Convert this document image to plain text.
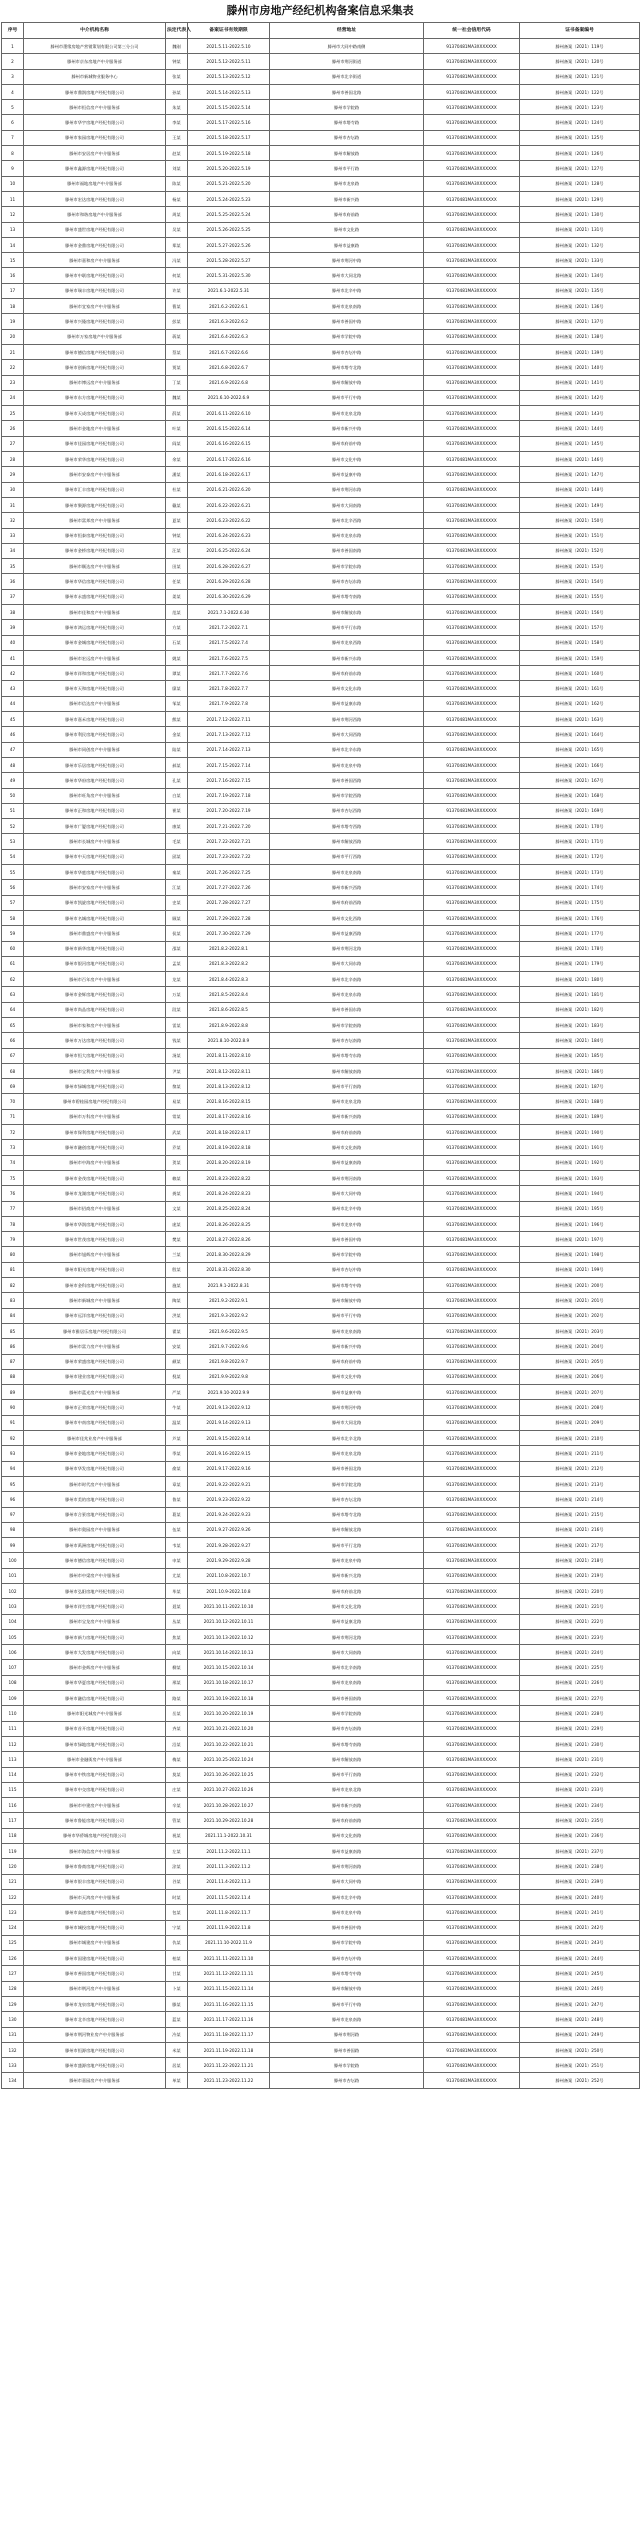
滕州市房地产经纪机构备案信息采集表
序号	中介机构名称	法定代表人	备案证书有效期限	经营地址	统一社会信用代码	证书备案编号
1	滕州市墨缘房地产营销策划有限公司第三分公司	魏刚	2021.5.11-2022.5.10	滕州市大同中路南侧	91370481MA3XXXXXXX	滕州备案（2021）119号
2	滕州市京东房地产中介服务部	钟某	2021.5.12-2022.5.11	滕州市荆河街道	91370481MA3XXXXXXX	滕州备案（2021）120号
3	滕州市新城物业服务中心	张某	2021.5.13-2022.5.12	滕州市北辛街道	91370481MA3XXXXXXX	滕州备案（2021）121号
4	滕州市鼎润房地产经纪有限公司	孙某	2021.5.14-2022.5.13	滕州市善国北路	91370481MA3XXXXXXX	滕州备案（2021）122号
5	滕州市恒信房产中介服务部	朱某	2021.5.15-2022.5.14	滕州市学院路	91370481MA3XXXXXXX	滕州备案（2021）123号
6	滕州市华宇房地产经纪有限公司	李某	2021.5.17-2022.5.16	滕州市塔寺路	91370481MA3XXXXXXX	滕州备案（2021）124号
7	滕州市家园房地产经纪有限公司	王某	2021.5.18-2022.5.17	滕州市杏坛路	91370481MA3XXXXXXX	滕州备案（2021）125号
8	滕州市安居房产中介服务部	赵某	2021.5.19-2022.5.18	滕州市解放路	91370481MA3XXXXXXX	滕州备案（2021）126号
9	滕州市鑫源房地产经纪有限公司	刘某	2021.5.20-2022.5.19	滕州市平行路	91370481MA3XXXXXXX	滕州备案（2021）127号
10	滕州市福地房地产中介服务部	陈某	2021.5.21-2022.5.20	滕州市龙泉路	91370481MA3XXXXXXX	滕州备案（2021）128号
11	滕州市宏达房地产经纪有限公司	杨某	2021.5.24-2022.5.23	滕州市新兴路	91370481MA3XXXXXXX	滕州备案（2021）129号
12	滕州市和谐房地产中介服务部	周某	2021.5.25-2022.5.24	滕州市府前路	91370481MA3XXXXXXX	滕州备案（2021）130号
13	滕州市盛世房地产经纪有限公司	吴某	2021.5.26-2022.5.25	滕州市文化路	91370481MA3XXXXXXX	滕州备案（2021）131号
14	滕州市金鼎房地产经纪有限公司	郑某	2021.5.27-2022.5.26	滕州市益康路	91370481MA3XXXXXXX	滕州备案（2021）132号
15	滕州市嘉和房产中介服务部	冯某	2021.5.28-2022.5.27	滕州市荆河中路	91370481MA3XXXXXXX	滕州备案（2021）133号
16	滕州市中联房地产经纪有限公司	何某	2021.5.31-2022.5.30	滕州市大同北路	91370481MA3XXXXXXX	滕州备案（2021）134号
17	滕州市瑞丰房地产经纪有限公司	许某	2021.6.1-2022.5.31	滕州市北辛中路	91370481MA3XXXXXXX	滕州备案（2021）135号
18	滕州市宜家房产中介服务部	曹某	2021.6.2-2022.6.1	滕州市龙泉南路	91370481MA3XXXXXXX	滕州备案（2021）136号
19	滕州市兴隆房地产经纪有限公司	彭某	2021.6.3-2022.6.2	滕州市善国中路	91370481MA3XXXXXXX	滕州备案（2021）137号
20	滕州市万家房地产中介服务部	蒋某	2021.6.4-2022.6.3	滕州市学院中路	91370481MA3XXXXXXX	滕州备案（2021）138号
21	滕州市德信房地产经纪有限公司	蔡某	2021.6.7-2022.6.6	滕州市杏坛中路	91370481MA3XXXXXXX	滕州备案（2021）139号
22	滕州市创新房地产经纪有限公司	贾某	2021.6.8-2022.6.7	滕州市塔寺北路	91370481MA3XXXXXXX	滕州备案（2021）140号
23	滕州市博远房产中介服务部	丁某	2021.6.9-2022.6.8	滕州市解放中路	91370481MA3XXXXXXX	滕州备案（2021）141号
24	滕州市东方房地产经纪有限公司	魏某	2021.6.10-2022.6.9	滕州市平行中路	91370481MA3XXXXXXX	滕州备案（2021）142号
25	滕州市天成房地产经纪有限公司	薛某	2021.6.11-2022.6.10	滕州市龙泉北路	91370481MA3XXXXXXX	滕州备案（2021）143号
26	滕州市金地房产中介服务部	叶某	2021.6.15-2022.6.14	滕州市新兴中路	91370481MA3XXXXXXX	滕州备案（2021）144号
27	滕州市佳园房地产经纪有限公司	阎某	2021.6.16-2022.6.15	滕州市府前中路	91370481MA3XXXXXXX	滕州备案（2021）145号
28	滕州市荣华房地产经纪有限公司	余某	2021.6.17-2022.6.16	滕州市文化中路	91370481MA3XXXXXXX	滕州备案（2021）146号
29	滕州市安泰房产中介服务部	潘某	2021.6.18-2022.6.17	滕州市益康中路	91370481MA3XXXXXXX	滕州备案（2021）147号
30	滕州市汇丰房地产经纪有限公司	杜某	2021.6.21-2022.6.20	滕州市荆河东路	91370481MA3XXXXXXX	滕州备案（2021）148号
31	滕州市聚源房地产经纪有限公司	戴某	2021.6.22-2022.6.21	滕州市大同南路	91370481MA3XXXXXXX	滕州备案（2021）149号
32	滕州市富邦房产中介服务部	夏某	2021.6.23-2022.6.22	滕州市北辛西路	91370481MA3XXXXXXX	滕州备案（2021）150号
33	滕州市恒泰房地产经纪有限公司	钟某	2021.6.24-2022.6.23	滕州市龙泉东路	91370481MA3XXXXXXX	滕州备案（2021）151号
34	滕州市金桥房地产经纪有限公司	汪某	2021.6.25-2022.6.24	滕州市善国南路	91370481MA3XXXXXXX	滕州备案（2021）152号
35	滕州市顺达房产中介服务部	田某	2021.6.28-2022.6.27	滕州市学院东路	91370481MA3XXXXXXX	滕州备案（2021）153号
36	滕州市华信房地产经纪有限公司	任某	2021.6.29-2022.6.28	滕州市杏坛东路	91370481MA3XXXXXXX	滕州备案（2021）154号
37	滕州市永盛房地产经纪有限公司	姜某	2021.6.30-2022.6.29	滕州市塔寺南路	91370481MA3XXXXXXX	滕州备案（2021）155号
38	滕州市佳和房产中介服务部	范某	2021.7.1-2022.6.30	滕州市解放东路	91370481MA3XXXXXXX	滕州备案（2021）156号
39	滕州市鸿运房地产经纪有限公司	方某	2021.7.2-2022.7.1	滕州市平行东路	91370481MA3XXXXXXX	滕州备案（2021）157号
40	滕州市金城房地产经纪有限公司	石某	2021.7.5-2022.7.4	滕州市龙泉西路	91370481MA3XXXXXXX	滕州备案（2021）158号
41	滕州市宏远房产中介服务部	姚某	2021.7.6-2022.7.5	滕州市新兴东路	91370481MA3XXXXXXX	滕州备案（2021）159号
42	滕州市祥和房地产经纪有限公司	谭某	2021.7.7-2022.7.6	滕州市府前东路	91370481MA3XXXXXXX	滕州备案（2021）160号
43	滕州市天和房地产经纪有限公司	廖某	2021.7.8-2022.7.7	滕州市文化东路	91370481MA3XXXXXXX	滕州备案（2021）161号
44	滕州市信达房产中介服务部	邹某	2021.7.9-2022.7.8	滕州市益康东路	91370481MA3XXXXXXX	滕州备案（2021）162号
45	滕州市嘉禾房地产经纪有限公司	熊某	2021.7.12-2022.7.11	滕州市荆河西路	91370481MA3XXXXXXX	滕州备案（2021）163号
46	滕州市利民房地产经纪有限公司	金某	2021.7.13-2022.7.12	滕州市大同西路	91370481MA3XXXXXXX	滕州备案（2021）164号
47	滕州市同创房产中介服务部	陆某	2021.7.14-2022.7.13	滕州市北辛东路	91370481MA3XXXXXXX	滕州备案（2021）165号
48	滕州市乐居房地产经纪有限公司	郝某	2021.7.15-2022.7.14	滕州市龙泉中路	91370481MA3XXXXXXX	滕州备案（2021）166号
49	滕州市华府房地产经纪有限公司	孔某	2021.7.16-2022.7.15	滕州市善国西路	91370481MA3XXXXXXX	滕州备案（2021）167号
50	滕州市旺角房产中介服务部	白某	2021.7.19-2022.7.18	滕州市学院西路	91370481MA3XXXXXXX	滕州备案（2021）168号
51	滕州市正和房地产经纪有限公司	崔某	2021.7.20-2022.7.19	滕州市杏坛西路	91370481MA3XXXXXXX	滕州备案（2021）169号
52	滕州市广厦房地产经纪有限公司	康某	2021.7.21-2022.7.20	滕州市塔寺西路	91370481MA3XXXXXXX	滕州备案（2021）170号
53	滕州市长城房产中介服务部	毛某	2021.7.22-2022.7.21	滕州市解放西路	91370481MA3XXXXXXX	滕州备案（2021）171号
54	滕州市中天房地产经纪有限公司	邱某	2021.7.23-2022.7.22	滕州市平行西路	91370481MA3XXXXXXX	滕州备案（2021）172号
55	滕州市华庭房地产经纪有限公司	秦某	2021.7.26-2022.7.25	滕州市龙泉南路	91370481MA3XXXXXXX	滕州备案（2021）173号
56	滕州市安家房产中介服务部	江某	2021.7.27-2022.7.26	滕州市新兴西路	91370481MA3XXXXXXX	滕州备案（2021）174号
57	滕州市凯旋房地产经纪有限公司	史某	2021.7.28-2022.7.27	滕州市府前西路	91370481MA3XXXXXXX	滕州备案（2021）175号
58	滕州市名城房地产经纪有限公司	顾某	2021.7.29-2022.7.28	滕州市文化西路	91370481MA3XXXXXXX	滕州备案（2021）176号
59	滕州市鼎盛房产中介服务部	侯某	2021.7.30-2022.7.29	滕州市益康西路	91370481MA3XXXXXXX	滕州备案（2021）177号
60	滕州市新华房地产经纪有限公司	邵某	2021.8.2-2022.8.1	滕州市荆河北路	91370481MA3XXXXXXX	滕州备案（2021）178号
61	滕州市银河房地产经纪有限公司	孟某	2021.8.3-2022.8.2	滕州市大同东路	91370481MA3XXXXXXX	滕州备案（2021）179号
62	滕州市百年房产中介服务部	龙某	2021.8.4-2022.8.3	滕州市北辛南路	91370481MA3XXXXXXX	滕州备案（2021）180号
63	滕州市金辉房地产经纪有限公司	万某	2021.8.5-2022.8.4	滕州市龙泉东路	91370481MA3XXXXXXX	滕州备案（2021）181号
64	滕州市尚品房地产经纪有限公司	段某	2021.8.6-2022.8.5	滕州市善国东路	91370481MA3XXXXXXX	滕州备案（2021）182号
65	滕州市家和房产中介服务部	雷某	2021.8.9-2022.8.8	滕州市学院南路	91370481MA3XXXXXXX	滕州备案（2021）183号
66	滕州市万达房地产经纪有限公司	钱某	2021.8.10-2022.8.9	滕州市杏坛南路	91370481MA3XXXXXXX	滕州备案（2021）184号
67	滕州市恒大房地产经纪有限公司	汤某	2021.8.11-2022.8.10	滕州市塔寺东路	91370481MA3XXXXXXX	滕州备案（2021）185号
68	滕州市宝利房产中介服务部	尹某	2021.8.12-2022.8.11	滕州市解放南路	91370481MA3XXXXXXX	滕州备案（2021）186号
69	滕州市绿城房地产经纪有限公司	黎某	2021.8.13-2022.8.12	滕州市平行南路	91370481MA3XXXXXXX	滕州备案（2021）187号
70	滕州市碧桂园房地产经纪有限公司	易某	2021.8.16-2022.8.15	滕州市龙泉北路	91370481MA3XXXXXXX	滕州备案（2021）188号
71	滕州市万科房产中介服务部	常某	2021.8.17-2022.8.16	滕州市新兴南路	91370481MA3XXXXXXX	滕州备案（2021）189号
72	滕州市保利房地产经纪有限公司	武某	2021.8.18-2022.8.17	滕州市府前南路	91370481MA3XXXXXXX	滕州备案（2021）190号
73	滕州市融创房地产经纪有限公司	乔某	2021.8.19-2022.8.18	滕州市文化南路	91370481MA3XXXXXXX	滕州备案（2021）191号
74	滕州市中海房产中介服务部	贺某	2021.8.20-2022.8.19	滕州市益康南路	91370481MA3XXXXXXX	滕州备案（2021）192号
75	滕州市金茂房地产经纪有限公司	赖某	2021.8.23-2022.8.22	滕州市荆河南路	91370481MA3XXXXXXX	滕州备案（2021）193号
76	滕州市龙湖房地产经纪有限公司	龚某	2021.8.24-2022.8.23	滕州市大同中路	91370481MA3XXXXXXX	滕州备案（2021）194号
77	滕州市招商房产中介服务部	文某	2021.8.25-2022.8.24	滕州市北辛中路	91370481MA3XXXXXXX	滕州备案（2021）195号
78	滕州市华润房地产经纪有限公司	庞某	2021.8.26-2022.8.25	滕州市龙泉中路	91370481MA3XXXXXXX	滕州备案（2021）196号
79	滕州市世茂房地产经纪有限公司	樊某	2021.8.27-2022.8.26	滕州市善国中路	91370481MA3XXXXXXX	滕州备案（2021）197号
80	滕州市旭辉房产中介服务部	兰某	2021.8.30-2022.8.29	滕州市学院中路	91370481MA3XXXXXXX	滕州备案（2021）198号
81	滕州市阳光房地产经纪有限公司	殷某	2021.8.31-2022.8.30	滕州市杏坛中路	91370481MA3XXXXXXX	滕州备案（2021）199号
82	滕州市金科房地产经纪有限公司	施某	2021.9.1-2022.8.31	滕州市塔寺中路	91370481MA3XXXXXXX	滕州备案（2021）200号
83	滕州市新城房产中介服务部	陶某	2021.9.2-2022.9.1	滕州市解放中路	91370481MA3XXXXXXX	滕州备案（2021）201号
84	滕州市远洋房地产经纪有限公司	洪某	2021.9.3-2022.9.2	滕州市平行中路	91370481MA3XXXXXXX	滕州备案（2021）202号
85	滕州市雅居乐房地产经纪有限公司	翟某	2021.9.6-2022.9.5	滕州市龙泉南路	91370481MA3XXXXXXX	滕州备案（2021）203号
86	滕州市富力房产中介服务部	安某	2021.9.7-2022.9.6	滕州市新兴中路	91370481MA3XXXXXXX	滕州备案（2021）204号
87	滕州市荣盛房地产经纪有限公司	颜某	2021.9.8-2022.9.7	滕州市府前中路	91370481MA3XXXXXXX	滕州备案（2021）205号
88	滕州市建业房地产经纪有限公司	倪某	2021.9.9-2022.9.8	滕州市文化中路	91370481MA3XXXXXXX	滕州备案（2021）206号
89	滕州市蓝光房产中介服务部	严某	2021.9.10-2022.9.9	滕州市益康中路	91370481MA3XXXXXXX	滕州备案（2021）207号
90	滕州市正荣房地产经纪有限公司	牛某	2021.9.13-2022.9.12	滕州市荆河中路	91370481MA3XXXXXXX	滕州备案（2021）208号
91	滕州市中南房地产经纪有限公司	温某	2021.9.14-2022.9.13	滕州市大同北路	91370481MA3XXXXXXX	滕州备案（2021）209号
92	滕州市佳兆业房产中介服务部	芦某	2021.9.15-2022.9.14	滕州市北辛北路	91370481MA3XXXXXXX	滕州备案（2021）210号
93	滕州市金地房地产经纪有限公司	季某	2021.9.16-2022.9.15	滕州市龙泉北路	91370481MA3XXXXXXX	滕州备案（2021）211号
94	滕州市华发房地产经纪有限公司	俞某	2021.9.17-2022.9.16	滕州市善国北路	91370481MA3XXXXXXX	滕州备案（2021）212号
95	滕州市时代房产中介服务部	章某	2021.9.22-2022.9.21	滕州市学院北路	91370481MA3XXXXXXX	滕州备案（2021）213号
96	滕州市美的房地产经纪有限公司	鲁某	2021.9.23-2022.9.22	滕州市杏坛北路	91370481MA3XXXXXXX	滕州备案（2021）214号
97	滕州市合景房地产经纪有限公司	葛某	2021.9.24-2022.9.23	滕州市塔寺北路	91370481MA3XXXXXXX	滕州备案（2021）215号
98	滕州市奥园房产中介服务部	伍某	2021.9.27-2022.9.26	滕州市解放北路	91370481MA3XXXXXXX	滕州备案（2021）216号
99	滕州市禹洲房地产经纪有限公司	韦某	2021.9.28-2022.9.27	滕州市平行北路	91370481MA3XXXXXXX	滕州备案（2021）217号
100	滕州市德信房地产经纪有限公司	申某	2021.9.29-2022.9.28	滕州市龙泉中路	91370481MA3XXXXXXX	滕州备案（2021）218号
101	滕州市中梁房产中介服务部	尤某	2021.10.8-2022.10.7	滕州市新兴北路	91370481MA3XXXXXXX	滕州备案（2021）219号
102	滕州市弘阳房地产经纪有限公司	毕某	2021.10.9-2022.10.8	滕州市府前北路	91370481MA3XXXXXXX	滕州备案（2021）220号
103	滕州市祥生房地产经纪有限公司	聂某	2021.10.11-2022.10.10	滕州市文化北路	91370481MA3XXXXXXX	滕州备案（2021）221号
104	滕州市宝龙房产中介服务部	丛某	2021.10.12-2022.10.11	滕州市益康北路	91370481MA3XXXXXXX	滕州备案（2021）222号
105	滕州市新力房地产经纪有限公司	焦某	2021.10.13-2022.10.12	滕州市荆河北路	91370481MA3XXXXXXX	滕州备案（2021）223号
106	滕州市大发房地产经纪有限公司	向某	2021.10.14-2022.10.13	滕州市大同南路	91370481MA3XXXXXXX	滕州备案（2021）224号
107	滕州市金辉房产中介服务部	柳某	2021.10.15-2022.10.14	滕州市北辛南路	91370481MA3XXXXXXX	滕州备案（2021）225号
108	滕州市华夏房地产经纪有限公司	邢某	2021.10.18-2022.10.17	滕州市龙泉南路	91370481MA3XXXXXXX	滕州备案（2021）226号
109	滕州市融信房地产经纪有限公司	路某	2021.10.19-2022.10.18	滕州市善国南路	91370481MA3XXXXXXX	滕州备案（2021）227号
110	滕州市阳光城房产中介服务部	岳某	2021.10.20-2022.10.19	滕州市学院南路	91370481MA3XXXXXXX	滕州备案（2021）228号
111	滕州市首开房地产经纪有限公司	齐某	2021.10.21-2022.10.20	滕州市杏坛南路	91370481MA3XXXXXXX	滕州备案（2021）229号
112	滕州市绿地房地产经纪有限公司	沿某	2021.10.22-2022.10.21	滕州市塔寺南路	91370481MA3XXXXXXX	滕州备案（2021）230号
113	滕州市金融街房产中介服务部	梅某	2021.10.25-2022.10.24	滕州市解放南路	91370481MA3XXXXXXX	滕州备案（2021）231号
114	滕州市中铁房地产经纪有限公司	莫某	2021.10.26-2022.10.25	滕州市平行南路	91370481MA3XXXXXXX	滕州备案（2021）232号
115	滕州市中交房地产经纪有限公司	庄某	2021.10.27-2022.10.26	滕州市龙泉北路	91370481MA3XXXXXXX	滕州备案（2021）233号
116	滕州市中建房产中介服务部	辛某	2021.10.28-2022.10.27	滕州市新兴南路	91370481MA3XXXXXXX	滕州备案（2021）234号
117	滕州市鲁能房地产经纪有限公司	管某	2021.10.29-2022.10.28	滕州市府前南路	91370481MA3XXXXXXX	滕州备案（2021）235号
118	滕州市华侨城房地产经纪有限公司	祝某	2021.11.1-2022.10.31	滕州市文化南路	91370481MA3XXXXXXX	滕州备案（2021）236号
119	滕州市海信房产中介服务部	左某	2021.11.2-2022.11.1	滕州市益康南路	91370481MA3XXXXXXX	滕州备案（2021）237号
120	滕州市鲁商房地产经纪有限公司	涂某	2021.11.3-2022.11.2	滕州市荆河南路	91370481MA3XXXXXXX	滕州备案（2021）238号
121	滕州市银丰房地产经纪有限公司	谷某	2021.11.4-2022.11.3	滕州市大同中路	91370481MA3XXXXXXX	滕州备案（2021）239号
122	滕州市天鸿房产中介服务部	时某	2021.11.5-2022.11.4	滕州市北辛中路	91370481MA3XXXXXXX	滕州备案（2021）240号
123	滕州市高速房地产经纪有限公司	包某	2021.11.8-2022.11.7	滕州市龙泉中路	91370481MA3XXXXXXX	滕州备案（2021）241号
124	滕州市城投房地产经纪有限公司	宁某	2021.11.9-2022.11.8	滕州市善国中路	91370481MA3XXXXXXX	滕州备案（2021）242号
125	滕州市城建房产中介服务部	仇某	2021.11.10-2022.11.9	滕州市学院中路	91370481MA3XXXXXXX	滕州备案（2021）243号
126	滕州市国建房地产经纪有限公司	柏某	2021.11.11-2022.11.10	滕州市杏坛中路	91370481MA3XXXXXXX	滕州备案（2021）244号
127	滕州市善国房地产经纪有限公司	甘某	2021.11.12-2022.11.11	滕州市塔寺中路	91370481MA3XXXXXXX	滕州备案（2021）245号
128	滕州市荆河房产中介服务部	卜某	2021.11.15-2022.11.14	滕州市解放中路	91370481MA3XXXXXXX	滕州备案（2021）246号
129	滕州市龙泉房地产经纪有限公司	滕某	2021.11.16-2022.11.15	滕州市平行中路	91370481MA3XXXXXXX	滕州备案（2021）247号
130	滕州市北辛房地产经纪有限公司	蓝某	2021.11.17-2022.11.16	滕州市龙泉南路	91370481MA3XXXXXXX	滕州备案（2021）248号
131	滕州市荆河物业房产中介服务部	冷某	2021.11.18-2022.11.17	滕州市荆河路	91370481MA3XXXXXXX	滕州备案（2021）249号
132	滕州市恒源房地产经纪有限公司	米某	2021.11.19-2022.11.18	滕州市善国路	91370481MA3XXXXXXX	滕州备案（2021）250号
133	滕州市盛源房地产经纪有限公司	居某	2021.11.22-2022.11.21	滕州市学院路	91370481MA3XXXXXXX	滕州备案（2021）251号
134	滕州市嘉园房产中介服务部	单某	2021.11.23-2022.11.22	滕州市杏坛路	91370481MA3XXXXXXX	滕州备案（2021）252号
